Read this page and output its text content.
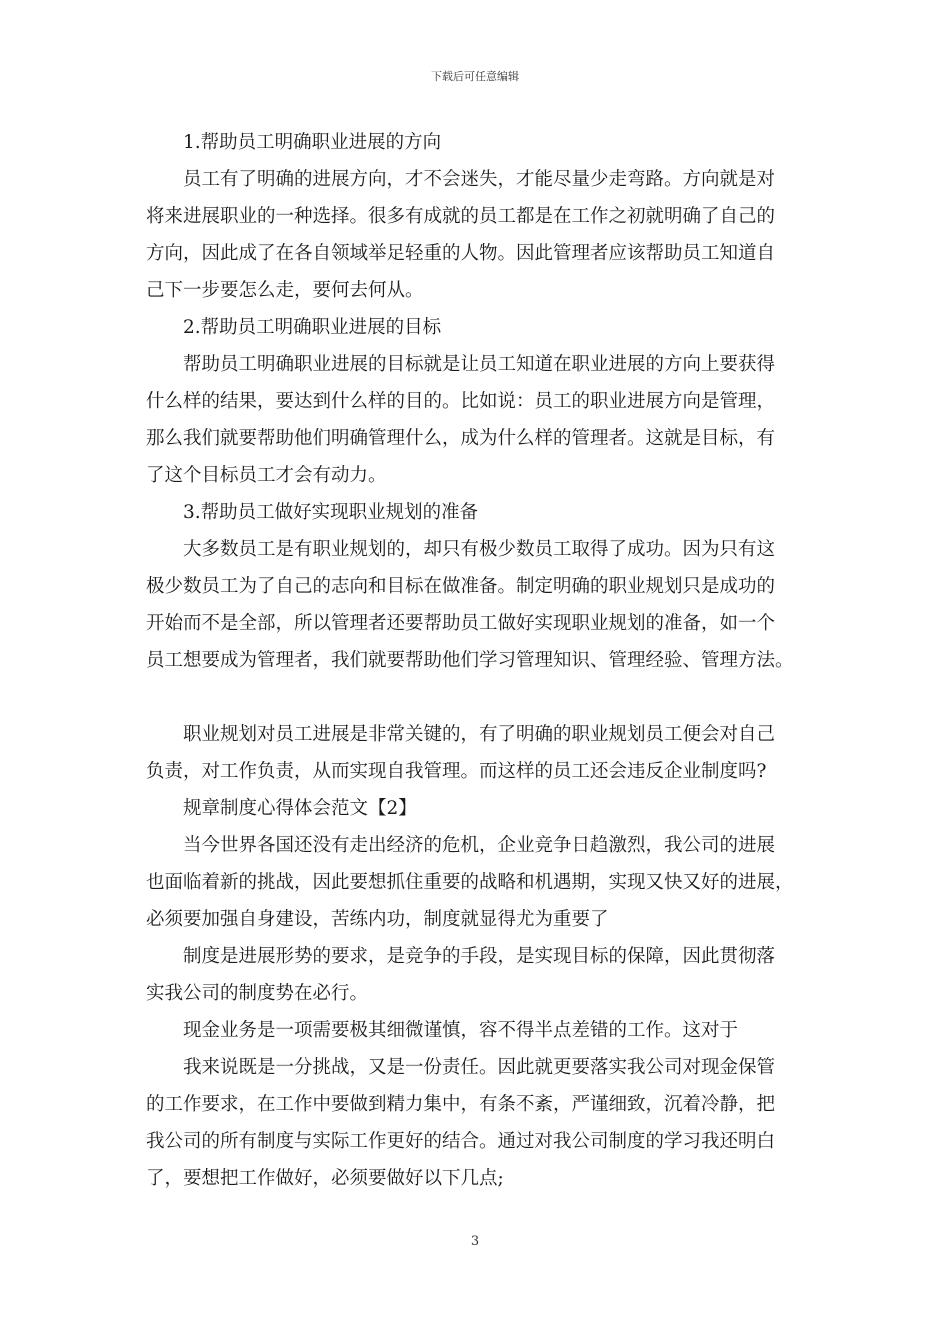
下载后可任意编辑

1.帮助员工明确职业进展的方向

员工有了明确的进展方向，才不会迷失，才能尽量少走弯路。方向就是对

将来进展职业的一种选择。很多有成就的员工都是在工作之初就明确了自己的

方向，因此成了在各自领域举足轻重的人物。因此管理者应该帮助员工知道自

己下一步要怎么走，要何去何从。

2.帮助员工明确职业进展的目标

帮助员工明确职业进展的目标就是让员工知道在职业进展的方向上要获得

什么样的结果，要达到什么样的目的。比如说：员工的职业进展方向是管理，

那么我们就要帮助他们明确管理什么，成为什么样的管理者。这就是目标，有

了这个目标员工才会有动力。

3.帮助员工做好实现职业规划的准备

大多数员工是有职业规划的，却只有极少数员工取得了成功。因为只有这

极少数员工为了自己的志向和目标在做准备。制定明确的职业规划只是成功的

开始而不是全部，所以管理者还要帮助员工做好实现职业规划的准备，如一个

员工想要成为管理者，我们就要帮助他们学习管理知识、管理经验、管理方法。

职业规划对员工进展是非常关键的，有了明确的职业规划员工便会对自己

负责，对工作负责，从而实现自我管理。而这样的员工还会违反企业制度吗?

规章制度心得体会范文【2】

当今世界各国还没有走出经济的危机，企业竞争日趋激烈，我公司的进展

也面临着新的挑战，因此要想抓住重要的战略和机遇期，实现又快又好的进展，

必须要加强自身建设，苦练内功，制度就显得尤为重要了

制度是进展形势的要求，是竞争的手段，是实现目标的保障，因此贯彻落

实我公司的制度势在必行。

现金业务是一项需要极其细微谨慎，容不得半点差错的工作。这对于

我来说既是一分挑战，又是一份责任。因此就更要落实我公司对现金保管

的工作要求，在工作中要做到精力集中，有条不紊，严谨细致，沉着冷静，把

我公司的所有制度与实际工作更好的结合。通过对我公司制度的学习我还明白

了，要想把工作做好，必须要做好以下几点;

3
